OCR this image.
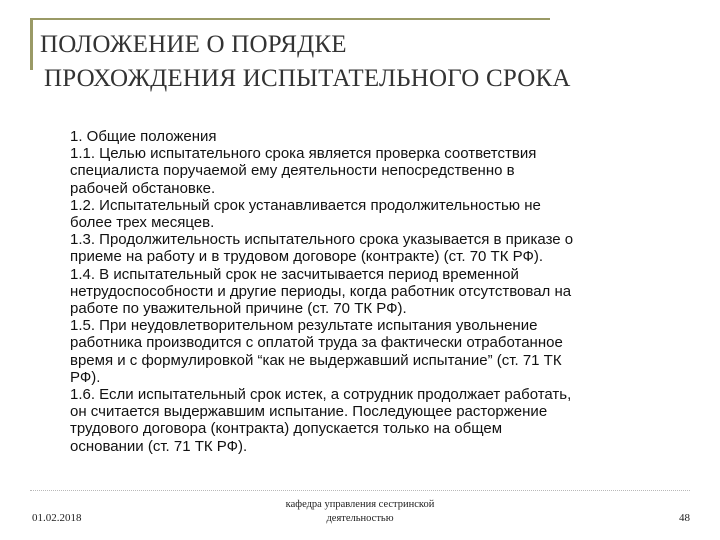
ПОЛОЖЕНИЕ О ПОРЯДКЕ
ПРОХОЖДЕНИЯ ИСПЫТАТЕЛЬНОГО СРОКА
1. Общие положения
1.1. Целью испытательного срока является проверка соответствия
специалиста поручаемой ему деятельности непосредственно в
рабочей обстановке.
1.2. Испытательный срок устанавливается продолжительностью не
более трех месяцев.
1.3. Продолжительность испытательного срока указывается в приказе о
приеме на работу и в трудовом договоре (контракте) (ст. 70 ТК РФ).
1.4. В испытательный срок не засчитывается период временной
нетрудоспособности и другие периоды, когда работник отсутствовал на
работе по уважительной причине (ст. 70 ТК РФ).
1.5. При неудовлетворительном результате испытания увольнение
работника производится с оплатой труда за фактически отработанное
время и с формулировкой “как не выдержавший испытание” (ст. 71 ТК
РФ).
1.6. Если испытательный срок истек, а сотрудник продолжает работать,
он считается выдержавшим испытание. Последующее расторжение
трудового договора (контракта) допускается только на общем
основании (ст. 71 ТК РФ).
01.02.2018
кафедра управления сестринской
деятельностью	48
